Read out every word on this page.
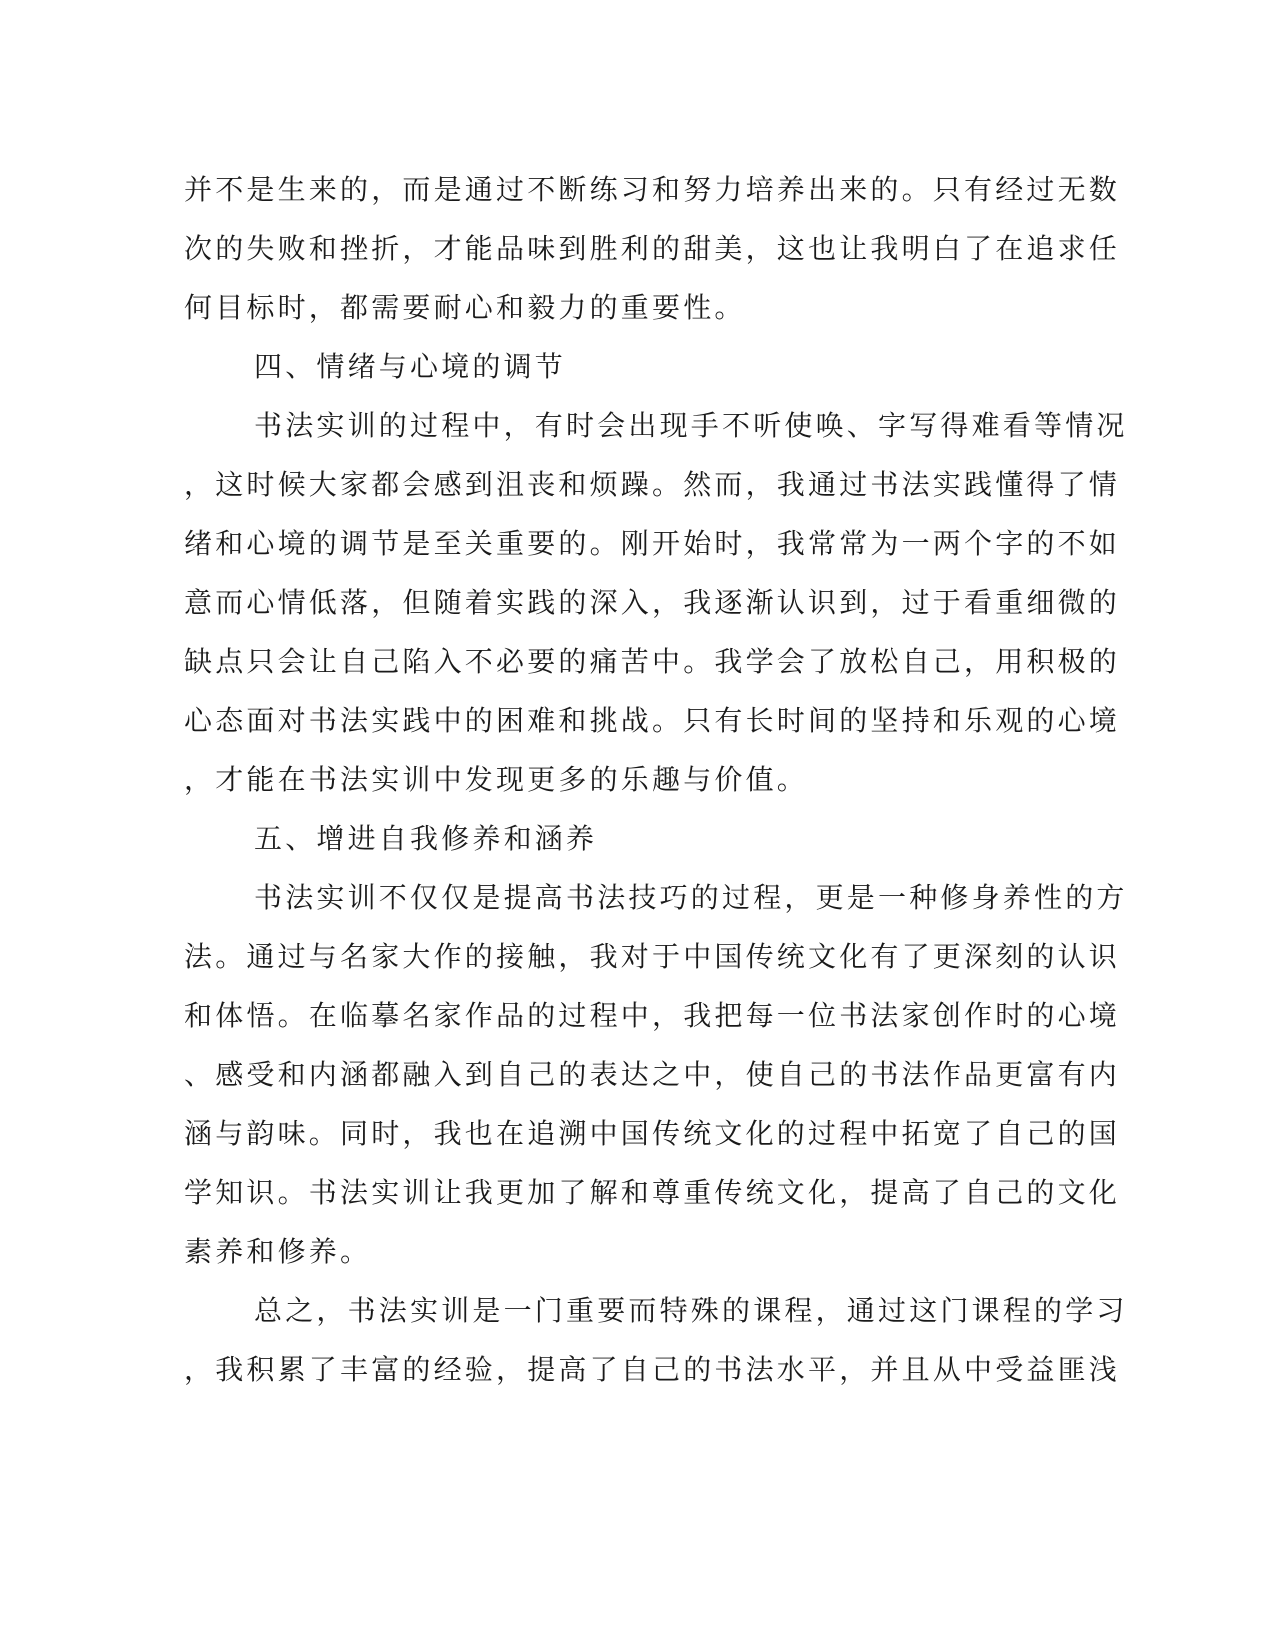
并不是生来的，而是通过不断练习和努力培养出来的。只有经过无数
次的失败和挫折，才能品味到胜利的甜美，这也让我明白了在追求任
何目标时，都需要耐心和毅力的重要性。
四、情绪与心境的调节
书法实训的过程中，有时会出现手不听使唤、字写得难看等情况
，这时候大家都会感到沮丧和烦躁。然而，我通过书法实践懂得了情
绪和心境的调节是至关重要的。刚开始时，我常常为一两个字的不如
意而心情低落，但随着实践的深入，我逐渐认识到，过于看重细微的
缺点只会让自己陷入不必要的痛苦中。我学会了放松自己，用积极的
心态面对书法实践中的困难和挑战。只有长时间的坚持和乐观的心境
，才能在书法实训中发现更多的乐趣与价值。
五、增进自我修养和涵养
书法实训不仅仅是提高书法技巧的过程，更是一种修身养性的方
法。通过与名家大作的接触，我对于中国传统文化有了更深刻的认识
和体悟。在临摹名家作品的过程中，我把每一位书法家创作时的心境
、感受和内涵都融入到自己的表达之中，使自己的书法作品更富有内
涵与韵味。同时，我也在追溯中国传统文化的过程中拓宽了自己的国
学知识。书法实训让我更加了解和尊重传统文化，提高了自己的文化
素养和修养。
总之，书法实训是一门重要而特殊的课程，通过这门课程的学习
，我积累了丰富的经验，提高了自己的书法水平，并且从中受益匪浅
